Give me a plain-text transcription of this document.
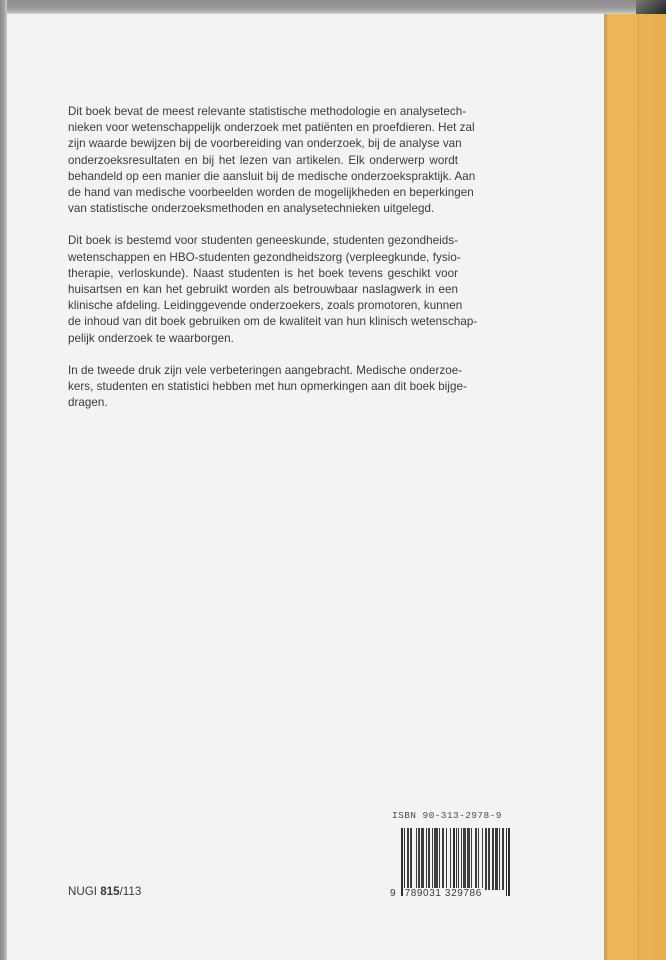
Dit boek bevat de meest relevante statistische methodologie en analysetech-
nieken voor wetenschappelijk onderzoek met patiënten en proefdieren. Het zal
zijn waarde bewijzen bij de voorbereiding van onderzoek, bij de analyse van
onderzoeksresultaten en bij het lezen van artikelen. Elk onderwerp wordt
behandeld op een manier die aansluit bij de medische onderzoekspraktijk. Aan
de hand van medische voorbeelden worden de mogelijkheden en beperkingen
van statistische onderzoeksmethoden en analysetechnieken uitgelegd.

Dit boek is bestemd voor studenten geneeskunde, studenten gezondheids-
wetenschappen en HBO-studenten gezondheidszorg (verpleegkunde, fysio-
therapie, verloskunde). Naast studenten is het boek tevens geschikt voor
huisartsen en kan het gebruikt worden als betrouwbaar naslagwerk in een
klinische afdeling. Leidinggevende onderzoekers, zoals promotoren, kunnen
de inhoud van dit boek gebruiken om de kwaliteit van hun klinisch wetenschap-
pelijk onderzoek te waarborgen.

In de tweede druk zijn vele verbeteringen aangebracht. Medische onderzoe-
kers, studenten en statistici hebben met hun opmerkingen aan dit boek bijge-
dragen.

NUGI 815/113
ISBN 90-313-2978-9
9 789031 329786
